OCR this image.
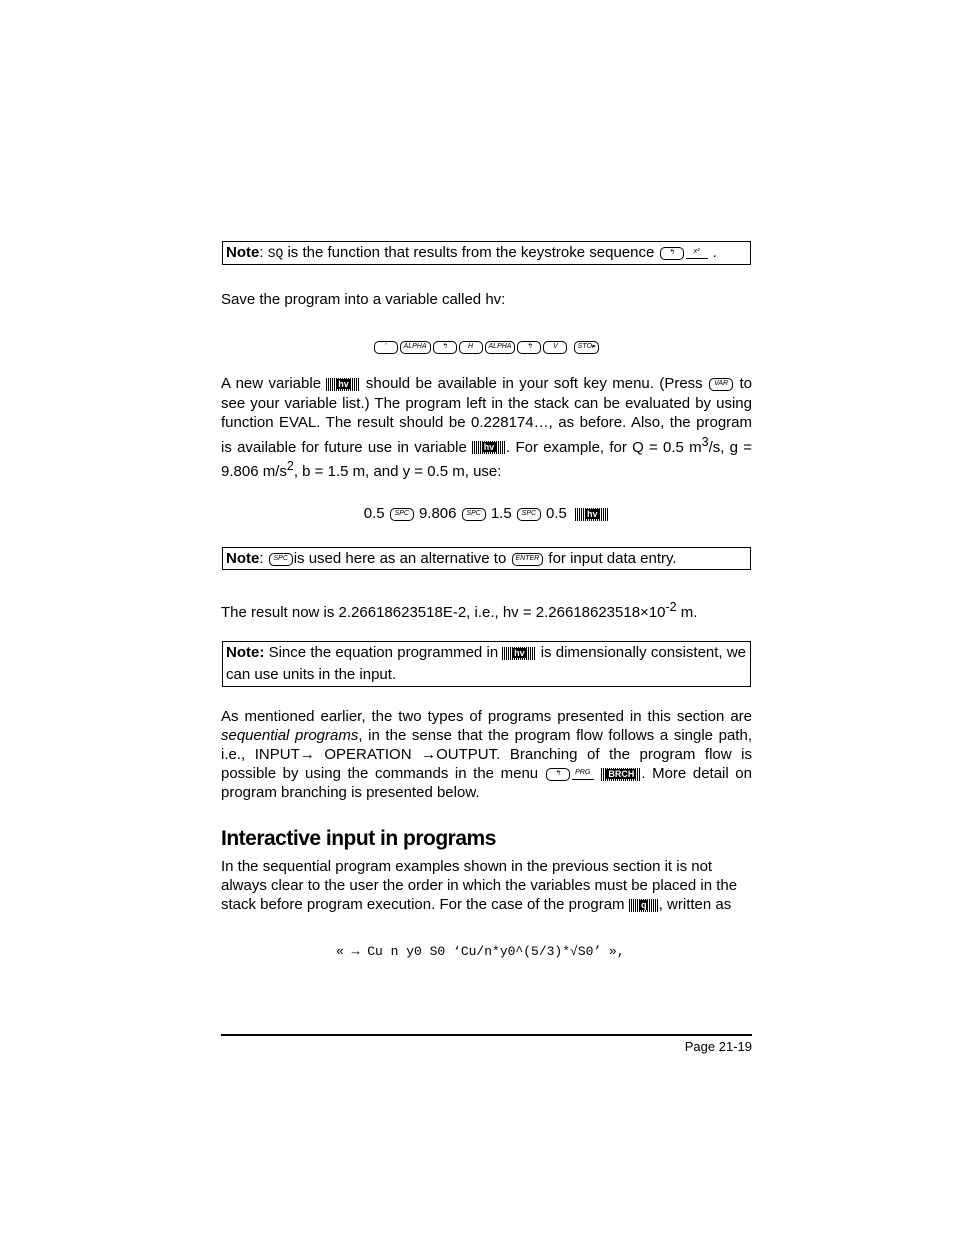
Note: SQ is the function that results from the keystroke sequence ↰	x² .
Save the program into a variable called hv:
' ALPHA ↰	H ALPHA ↰	V	STO▸
A new variable hv should be available in your soft key menu. (Press VAR to see your variable list.) The program left in the stack can be evaluated by using function EVAL. The result should be 0.228174…, as before. Also, the program is available for future use in variable hv . For example, for Q = 0.5 $m^3/s$, g = 9.806 $m/s^2$, b = 1.5 m, and y = 0.5 m, use:
0.5 SPC 9.806 SPC 1.5 SPC 0.5 hv
Note: SPC is used here as an alternative to ENTER for input data entry.
The result now is 2.26618623518E-2, i.e., hv = $2.26618623518\times 10^{-2}$ m.
Note: Since the equation programmed in hv is dimensionally consistent, we can use units in the input.
As mentioned earlier, the two types of programs presented in this section are sequential programs, in the sense that the program flow follows a single path, i.e., INPUT→ OPERATION →OUTPUT. Branching of the program flow is possible by using the commands in the menu ↰ PRG BRCH . More detail on program branching is presented below.
Interactive input in programs
In the sequential program examples shown in the previous section it is not always clear to the user the order in which the variables must be placed in the stack before program execution. For the case of the program q , written as
« → Cu n y0 S0 ‘Cu/n*y0^(5/3)*√S0’ »,
Page 21-19
